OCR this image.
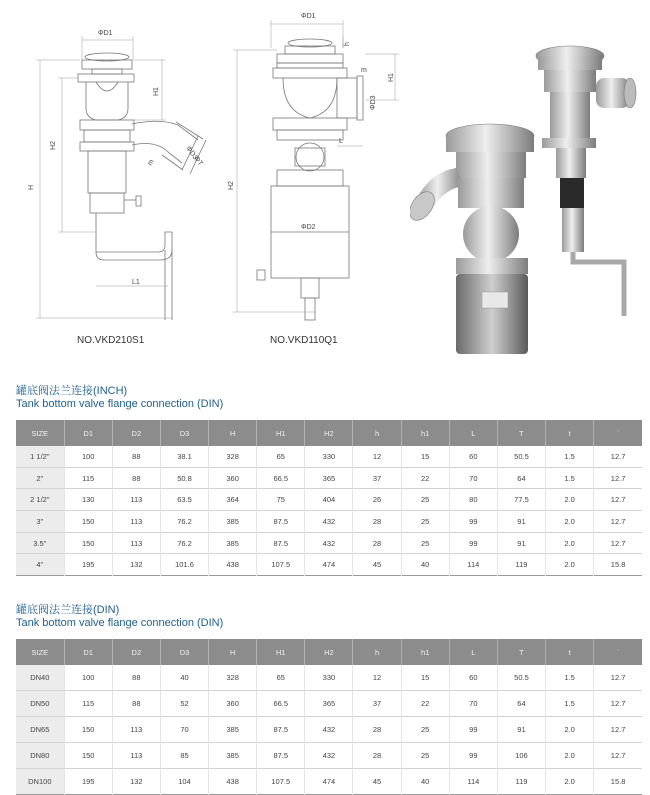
ΦD1
H
H2
H1
ΦD3
ΦT
m
L1
ΦD1
h
H1
m
ΦD3
L
H2
ΦD2
NO.VKD210S1	NO.VKD110Q1
罐底阀法兰连接(INCH)
Tank bottom valve flange connection (DIN)
SIZE	D1	D2	D3	H	H1	H2	h	h1	L	T	t	`
1 1/2"	100	88	38.1	328	65	330	12	15	60	50.5	1.5	12.7
2"	115	88	50.8	360	66.5	365	37	22	70	64	1.5	12.7
2 1/2"	130	113	63.5	364	75	404	26	25	80	77.5	2.0	12.7
3"	150	113	76.2	385	87.5	432	28	25	99	91	2.0	12.7
3.5"	150	113	76.2	385	87.5	432	28	25	99	91	2.0	12.7
4"	195	132	101.6	438	107.5	474	45	40	114	119	2.0	15.8
罐底阀法兰连接(DIN)
Tank bottom valve flange connection (DIN)
SIZE	D1	D2	D3	H	H1	H2	h	h1	L	T	t	`
DN40	100	88	40	328	65	330	12	15	60	50.5	1.5	12.7
DN50	115	88	52	360	66.5	365	37	22	70	64	1.5	12.7
DN65	150	113	70	385	87.5	432	28	25	99	91	2.0	12.7
DN80	150	113	85	385	87.5	432	28	25	99	106	2.0	12.7
DN100	195	132	104	438	107.5	474	45	40	114	119	2.0	15.8
